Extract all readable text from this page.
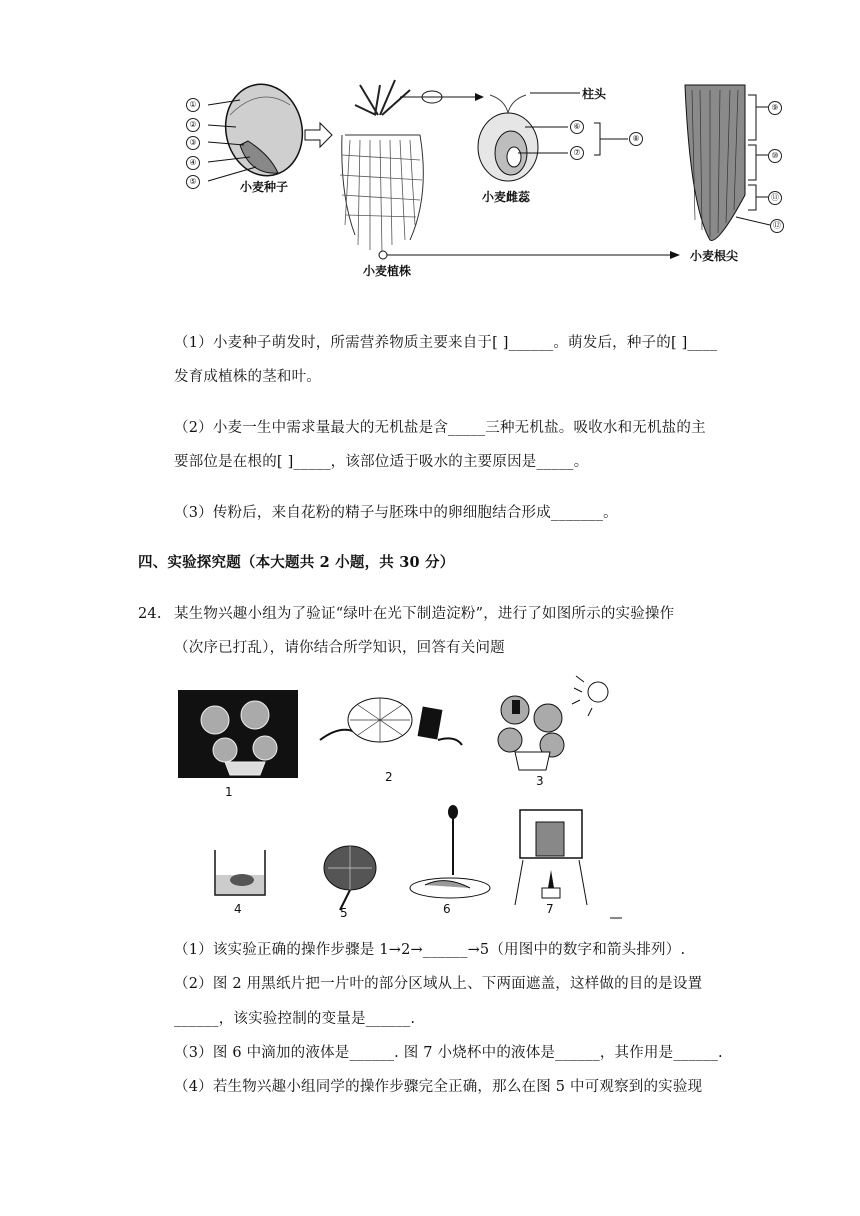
①
②
③
④
⑤
⑥
⑦
⑧
⑨
⑩
⑪
⑫
小麦种子
小麦植株
小麦雌蕊
小麦根尖
柱头
（1）小麦种子萌发时，所需营养物质主要来自于[ ]______。萌发后，种子的[ ]____
发育成植株的茎和叶。
（2）小麦一生中需求量最大的无机盐是含_____三种无机盐。吸收水和无机盐的主
要部位是在根的[ ]_____，该部位适于吸水的主要原因是_____。
（3）传粉后，来自花粉的精子与胚珠中的卵细胞结合形成_______。
四、实验探究题（本大题共 2 小题，共 30 分）
24. 某生物兴趣小组为了验证“绿叶在光下制造淀粉”，进行了如图所示的实验操作
（次序已打乱），请你结合所学知识，回答有关问题
1
2	3
4	5	6	7
（1）该实验正确的操作步骤是 1→2→______→5（用图中的数字和箭头排列）.
（2）图 2 用黑纸片把一片叶的部分区域从上、下两面遮盖，这样做的目的是设置
______，该实验控制的变量是______.
（3）图 6 中滴加的液体是______. 图 7 小烧杯中的液体是______，其作用是______.
（4）若生物兴趣小组同学的操作步骤完全正确，那么在图 5 中可观察到的实验现
